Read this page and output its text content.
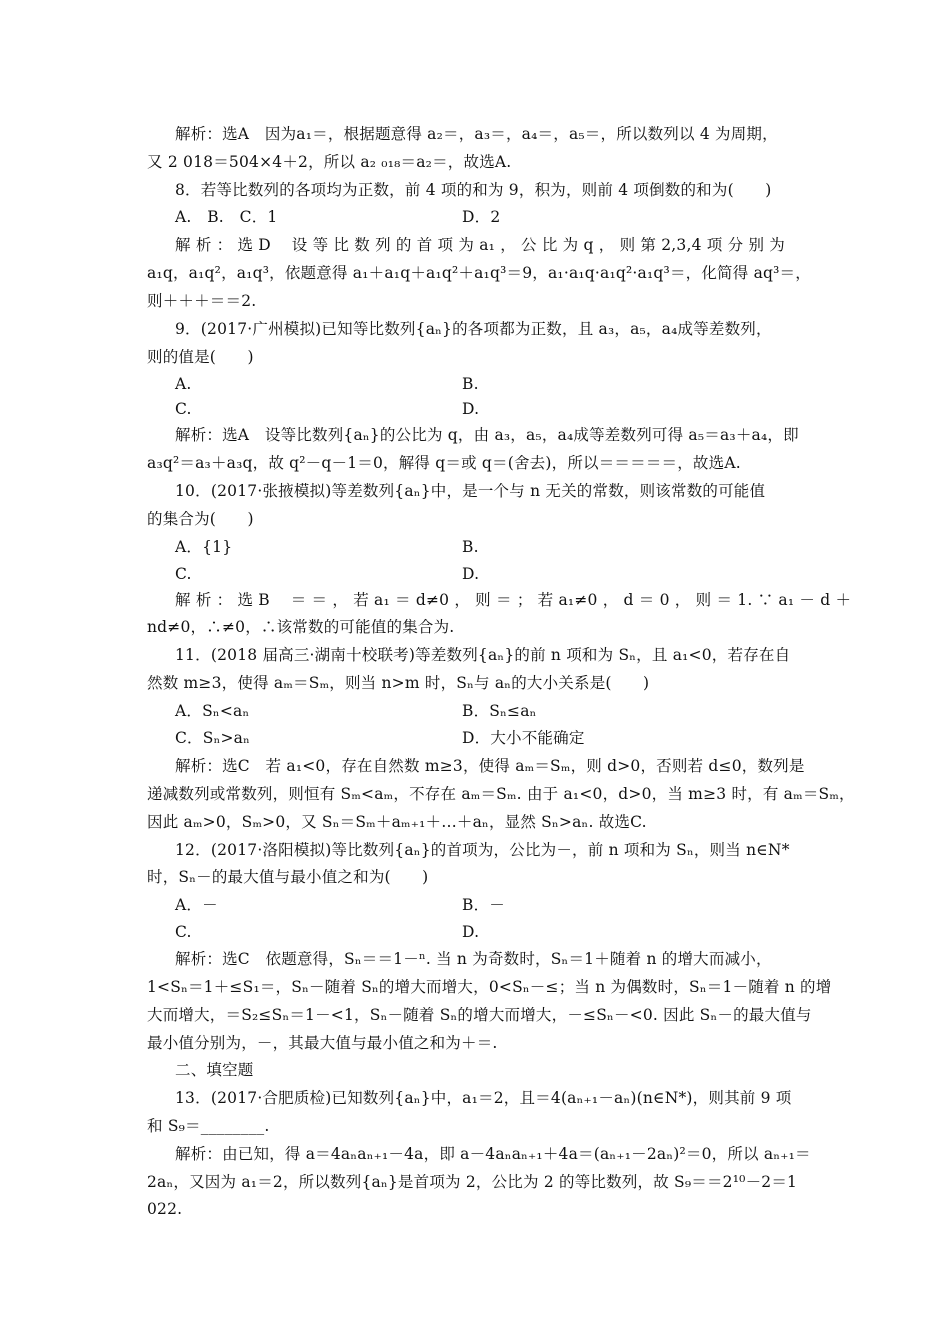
解析：选A　因为a₁＝，根据题意得 a₂＝，a₃＝，a₄＝，a₅＝，所以数列以 4 为周期，
又 2 018＝504×4＋2，所以 a₂ ₀₁₈＝a₂＝，故选A.
8．若等比数列的各项均为正数，前 4 项的和为 9，积为，则前 4 项倒数的和为(　　)
A.　B.　C．1	D．2
解 析 ： 选 D　 设 等 比 数 列 的 首 项 为 a₁ ， 公 比 为 q ， 则 第 2,3,4 项 分 别 为
a₁q，a₁q²，a₁q³，依题意得 a₁＋a₁q＋a₁q²＋a₁q³＝9，a₁·a₁q·a₁q²·a₁q³＝，化简得 aq³＝，
则＋＋＋＝＝2.
9．(2017·广州模拟)已知等比数列{aₙ}的各项都为正数，且 a₃，a₅，a₄成等差数列，
则的值是(　　)
A.	B.
C.	D.
解析：选A　设等比数列{aₙ}的公比为 q，由 a₃，a₅，a₄成等差数列可得 a₅＝a₃＋a₄，即
a₃q²＝a₃＋a₃q，故 q²－q－1＝0，解得 q＝或 q＝(舍去)，所以＝＝＝＝＝，故选A.
10．(2017·张掖模拟)等差数列{aₙ}中，是一个与 n 无关的常数，则该常数的可能值
的集合为(　　)
A．{1}	B.
C.	D.
解 析 ： 选 B　 ＝ ＝ ， 若 a₁ ＝ d≠0 ， 则 ＝ ； 若 a₁≠0 ， d ＝ 0 ， 则 ＝ 1. ∵ a₁ － d ＋
nd≠0，∴≠0，∴该常数的可能值的集合为.
11．(2018 届高三·湖南十校联考)等差数列{aₙ}的前 n 项和为 Sₙ，且 a₁<0，若存在自
然数 m≥3，使得 aₘ＝Sₘ，则当 n>m 时，Sₙ与 aₙ的大小关系是(　　)
A．Sₙ<aₙ	B．Sₙ≤aₙ
C．Sₙ>aₙ	D．大小不能确定
解析：选C　若 a₁<0，存在自然数 m≥3，使得 aₘ＝Sₘ，则 d>0，否则若 d≤0，数列是
递减数列或常数列，则恒有 Sₘ<aₘ，不存在 aₘ＝Sₘ. 由于 a₁<0，d>0，当 m≥3 时，有 aₘ＝Sₘ，
因此 aₘ>0，Sₘ>0，又 Sₙ＝Sₘ＋aₘ₊₁＋…＋aₙ，显然 Sₙ>aₙ. 故选C.
12．(2017·洛阳模拟)等比数列{aₙ}的首项为，公比为－，前 n 项和为 Sₙ，则当 n∈N*
时，Sₙ－的最大值与最小值之和为(　　)
A．－	B．－
C.	D.
解析：选C　依题意得，Sₙ＝＝1－ⁿ. 当 n 为奇数时，Sₙ＝1＋随着 n 的增大而减小，
1<Sₙ＝1＋≤S₁＝，Sₙ－随着 Sₙ的增大而增大，0<Sₙ－≤；当 n 为偶数时，Sₙ＝1－随着 n 的增
大而增大，＝S₂≤Sₙ＝1－<1，Sₙ－随着 Sₙ的增大而增大，－≤Sₙ－<0. 因此 Sₙ－的最大值与
最小值分别为，－，其最大值与最小值之和为＋＝.
二、填空题
13．(2017·合肥质检)已知数列{aₙ}中，a₁＝2，且＝4(aₙ₊₁－aₙ)(n∈N*)，则其前 9 项
和 S₉＝________.
解析：由已知，得 a＝4aₙaₙ₊₁－4a，即 a－4aₙaₙ₊₁＋4a＝(aₙ₊₁－2aₙ)²＝0，所以 aₙ₊₁＝
2aₙ，又因为 a₁＝2，所以数列{aₙ}是首项为 2，公比为 2 的等比数列，故 S₉＝＝2¹⁰－2＝1
022.
